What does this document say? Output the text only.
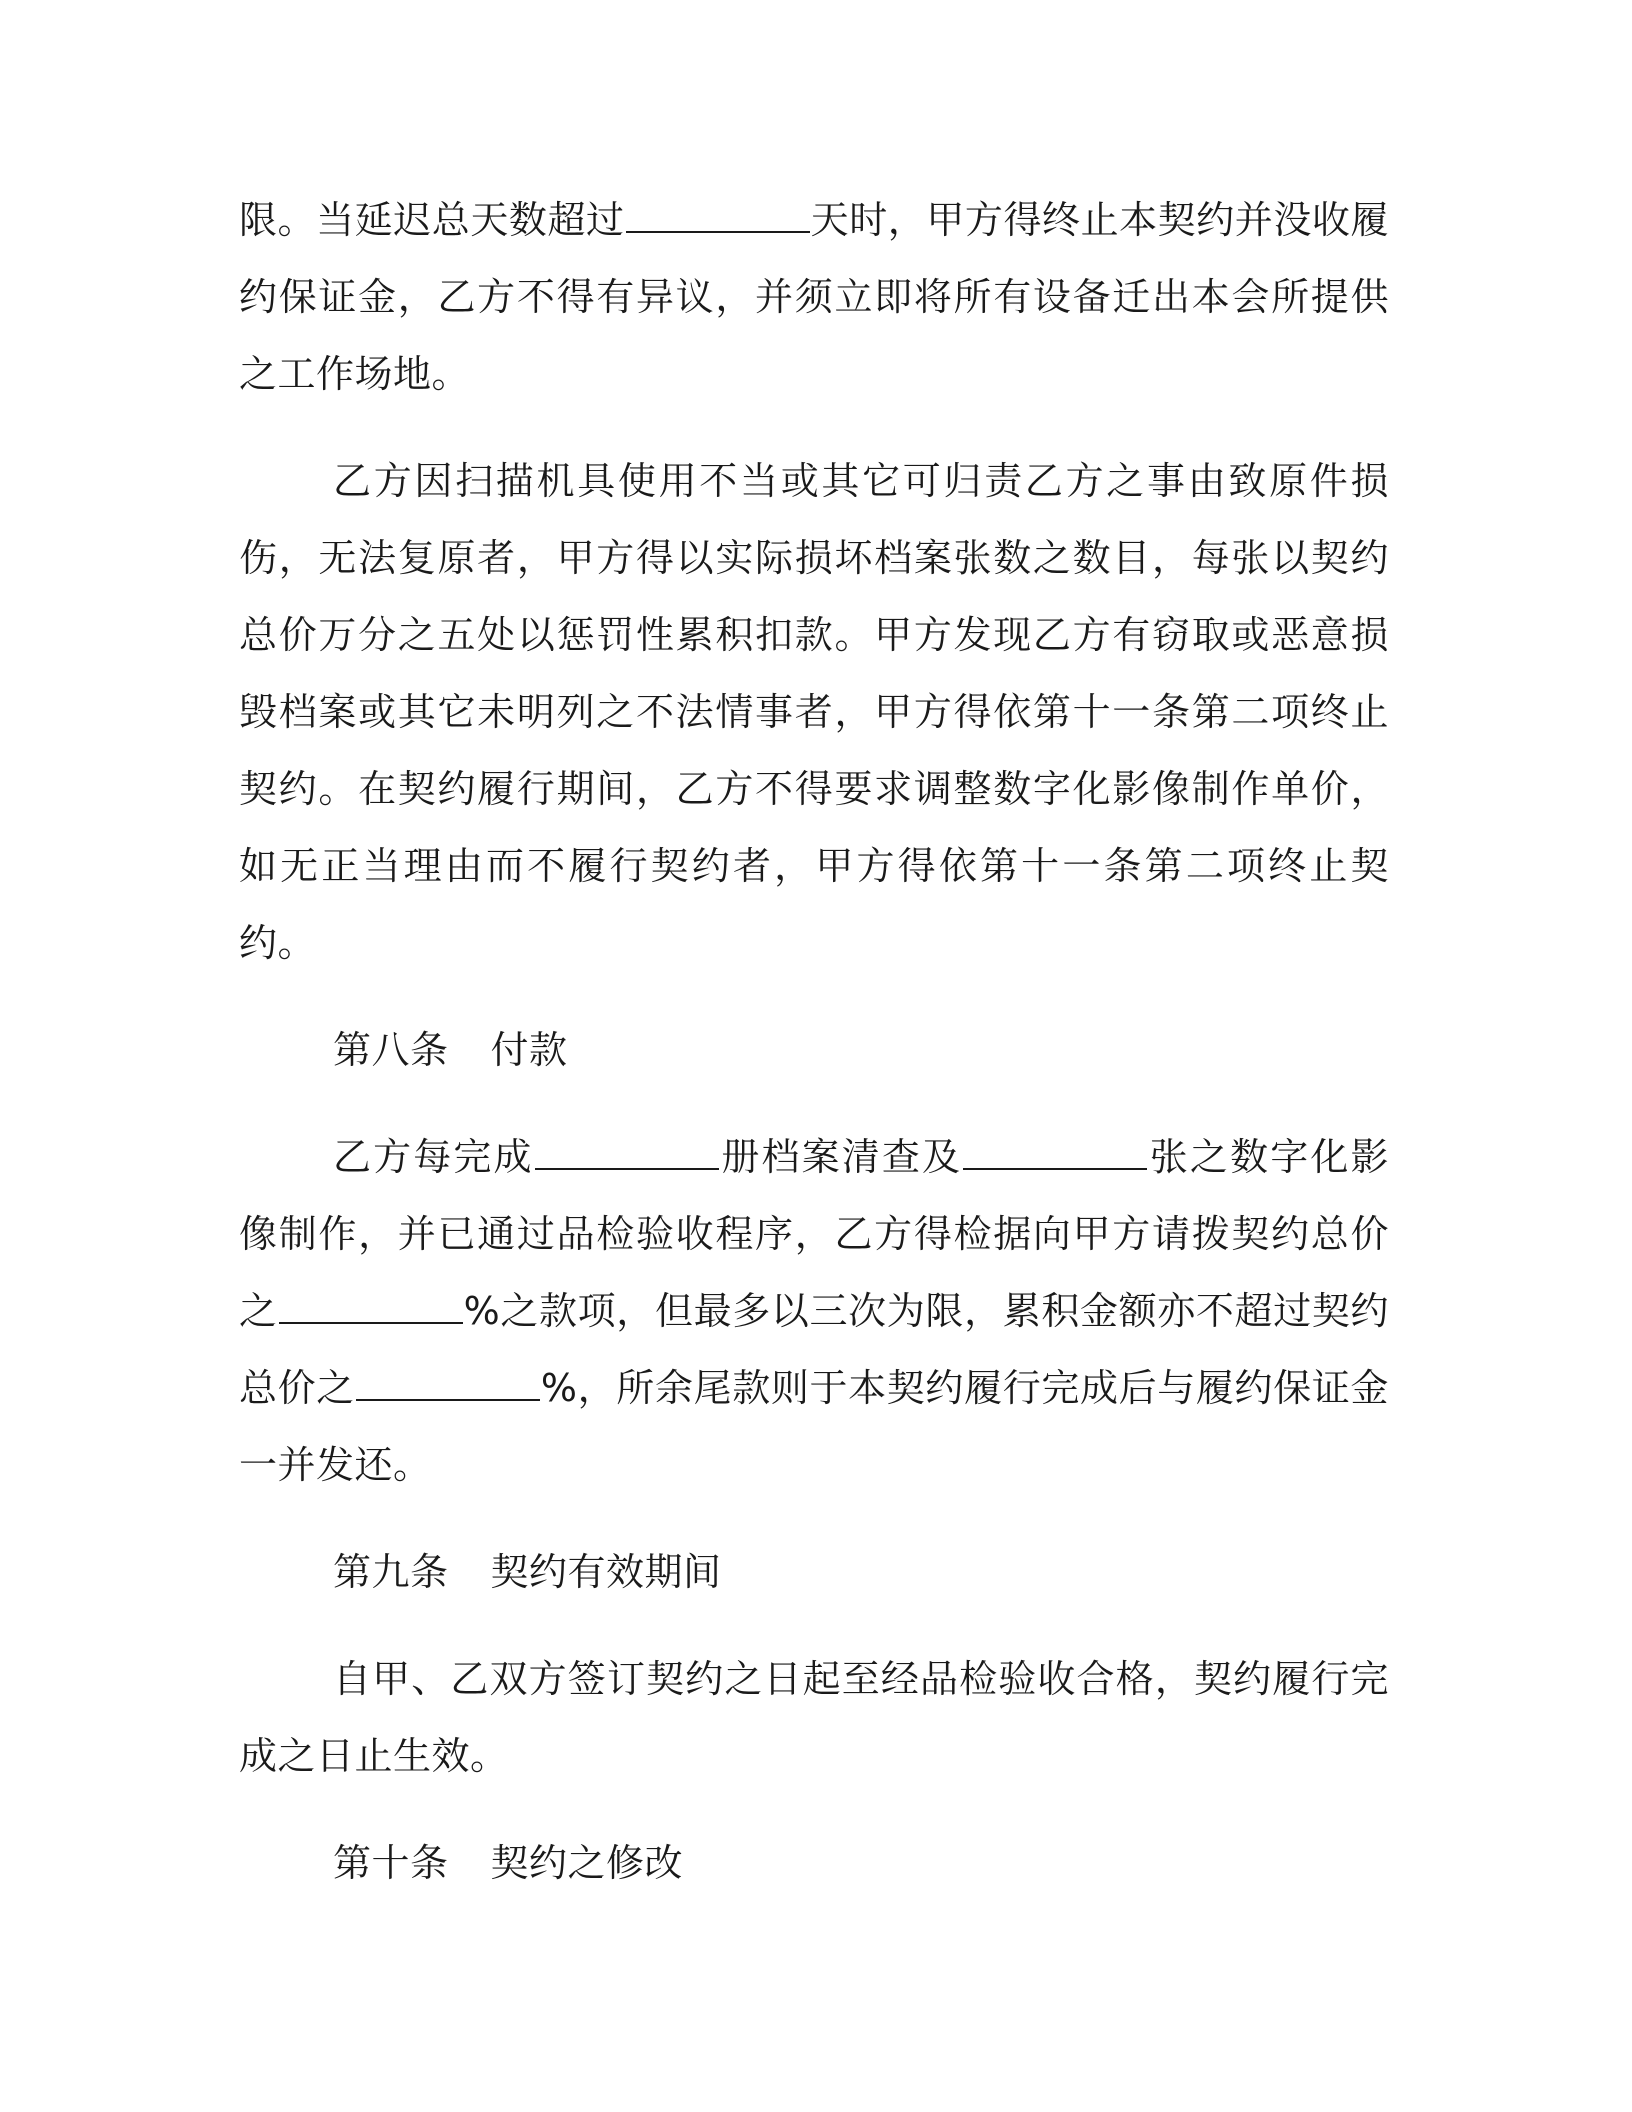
限。当延迟总天数超过	天时，甲方得终止本契约并没收履约保证金，乙方不得有异议，并须立即将所有设备迁出本会所提供之工作场地。

乙方因扫描机具使用不当或其它可归责乙方之事由致原件损伤，无法复原者，甲方得以实际损坏档案张数之数目，每张以契约总价万分之五处以惩罚性累积扣款。甲方发现乙方有窃取或恶意损毁档案或其它未明列之不法情事者，甲方得依第十一条第二项终止契约。在契约履行期间，乙方不得要求调整数字化影像制作单价，如无正当理由而不履行契约者，甲方得依第十一条第二项终止契约。

第八条 付款

乙方每完成	册档案清查及	张之数字化影像制作，并已通过品检验收程序，乙方得检据向甲方请拨契约总价之	%之款项，但最多以三次为限，累积金额亦不超过契约总价之	%，所余尾款则于本契约履行完成后与履约保证金一并发还。

第九条 契约有效期间

自甲、乙双方签订契约之日起至经品检验收合格，契约履行完成之日止生效。

第十条 契约之修改
